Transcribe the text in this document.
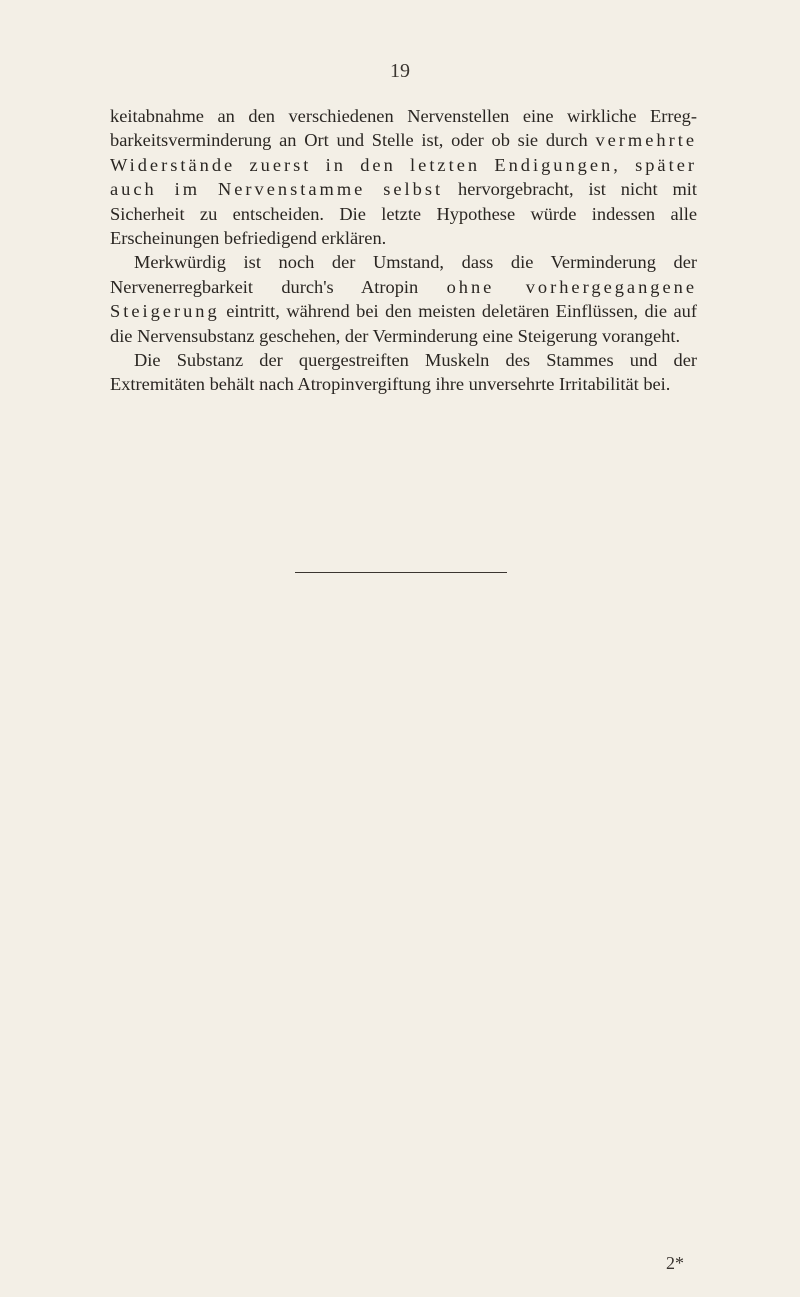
19

keitabnahme an den verschiedenen Nervenstellen eine wirkliche Erregbarkeitsverminderung an Ort und Stelle ist, oder ob sie durch vermehrte Widerstände zuerst in den letzten Endigungen, später auch im Nervenstamme selbst hervorgebracht, ist nicht mit Sicherheit zu entscheiden. Die letzte Hypothese würde indessen alle Erscheinungen befriedigend erklären.

Merkwürdig ist noch der Umstand, dass die Verminderung der Nervenerregbarkeit durch's Atropin ohne vorhergegangene Steigerung eintritt, während bei den meisten deletären Einflüssen, die auf die Nervensubstanz geschehen, der Verminderung eine Steigerung vorangeht.

Die Substanz der quergestreiften Muskeln des Stammes und der Extremitäten behält nach Atropinvergiftung ihre unversehrte Irritabilität bei.

2*
